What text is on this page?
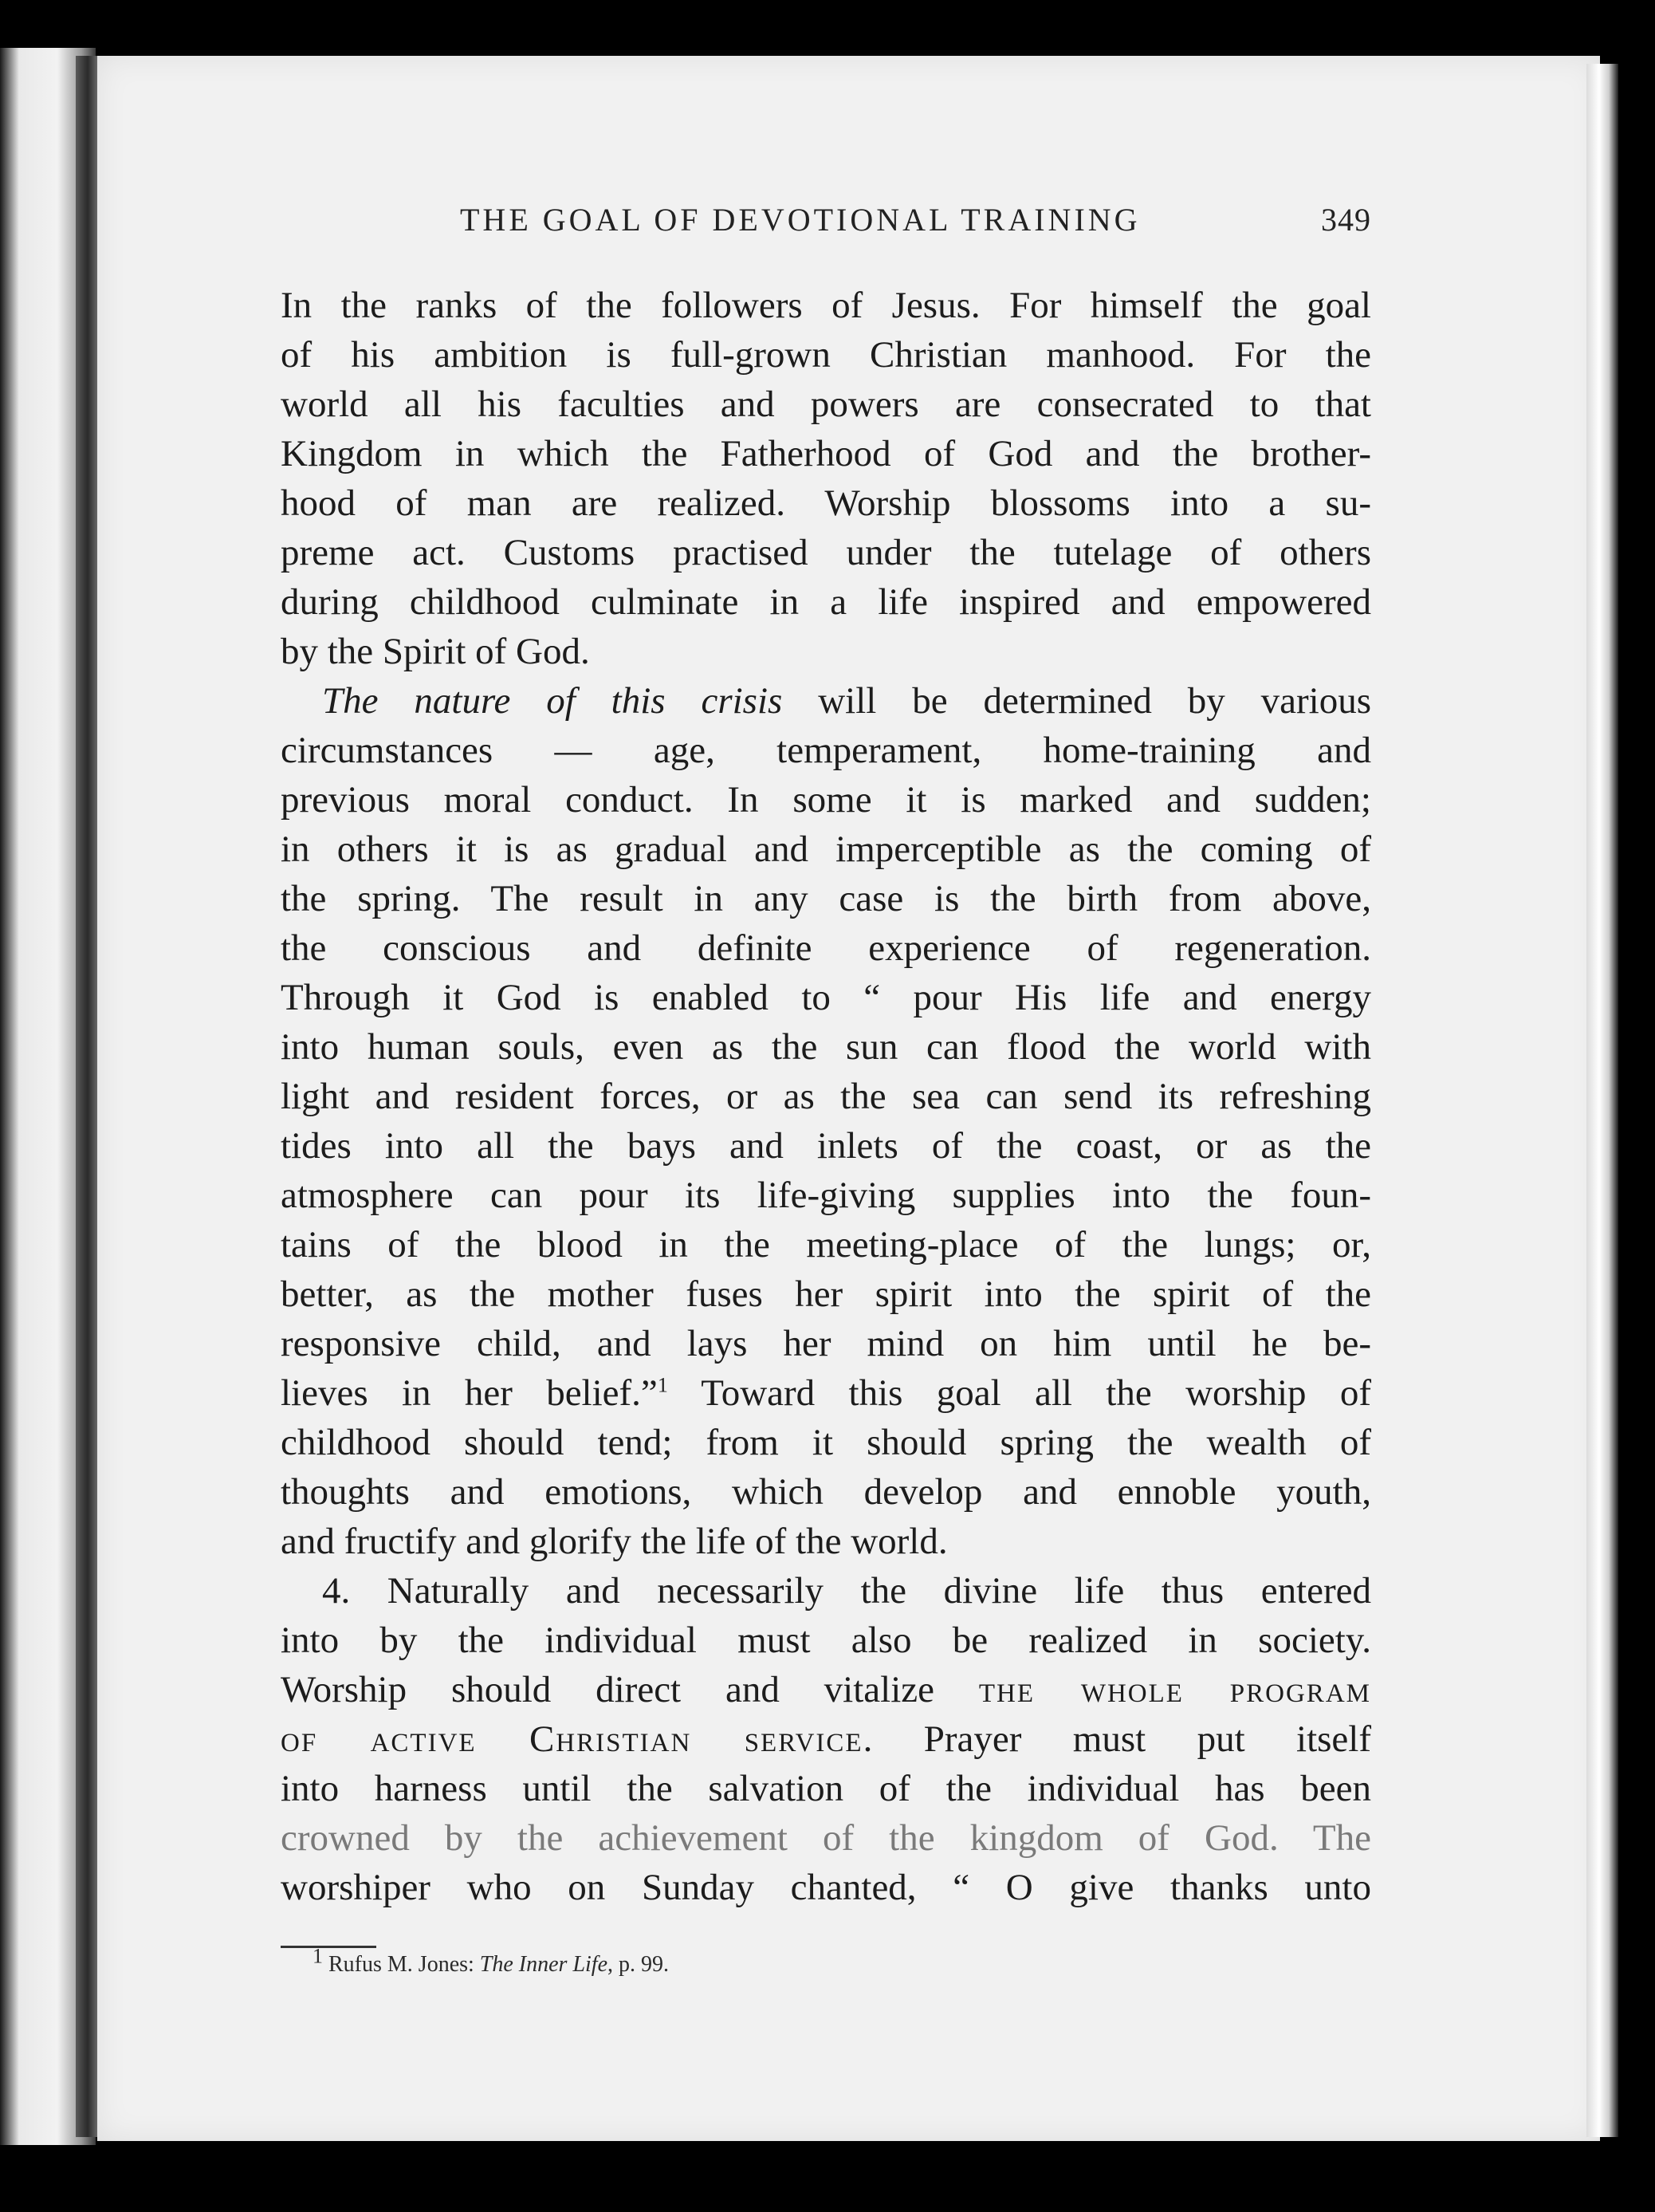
THE GOAL OF DEVOTIONAL TRAINING	349

In the ranks of the followers of Jesus. For himself the goal
of his ambition is full-grown Christian manhood. For the
world all his faculties and powers are consecrated to that
Kingdom in which the Fatherhood of God and the brother-
hood of man are realized. Worship blossoms into a su-
preme act. Customs practised under the tutelage of others
during childhood culminate in a life inspired and empowered
by the Spirit of God.

The nature of this crisis will be determined by various
circumstances — age, temperament, home-training and
previous moral conduct. In some it is marked and sudden;
in others it is as gradual and imperceptible as the coming of
the spring. The result in any case is the birth from above,
the conscious and definite experience of regeneration.
Through it God is enabled to “ pour His life and energy
into human souls, even as the sun can flood the world with
light and resident forces, or as the sea can send its refreshing
tides into all the bays and inlets of the coast, or as the
atmosphere can pour its life-giving supplies into the foun-
tains of the blood in the meeting-place of the lungs; or,
better, as the mother fuses her spirit into the spirit of the
responsive child, and lays her mind on him until he be-
lieves in her belief.”$^1$ Toward this goal all the worship of
childhood should tend; from it should spring the wealth of
thoughts and emotions, which develop and ennoble youth,
and fructify and glorify the life of the world.

4. Naturally and necessarily the divine life thus entered
into by the individual must also be realized in society.
Worship should direct and vitalize the whole program
of active Christian service. Prayer must put itself
into harness until the salvation of the individual has been
crowned by the achievement of the kingdom of God. The
worshiper who on Sunday chanted, “ O give thanks unto

1 Rufus M. Jones: The Inner Life, p. 99.
